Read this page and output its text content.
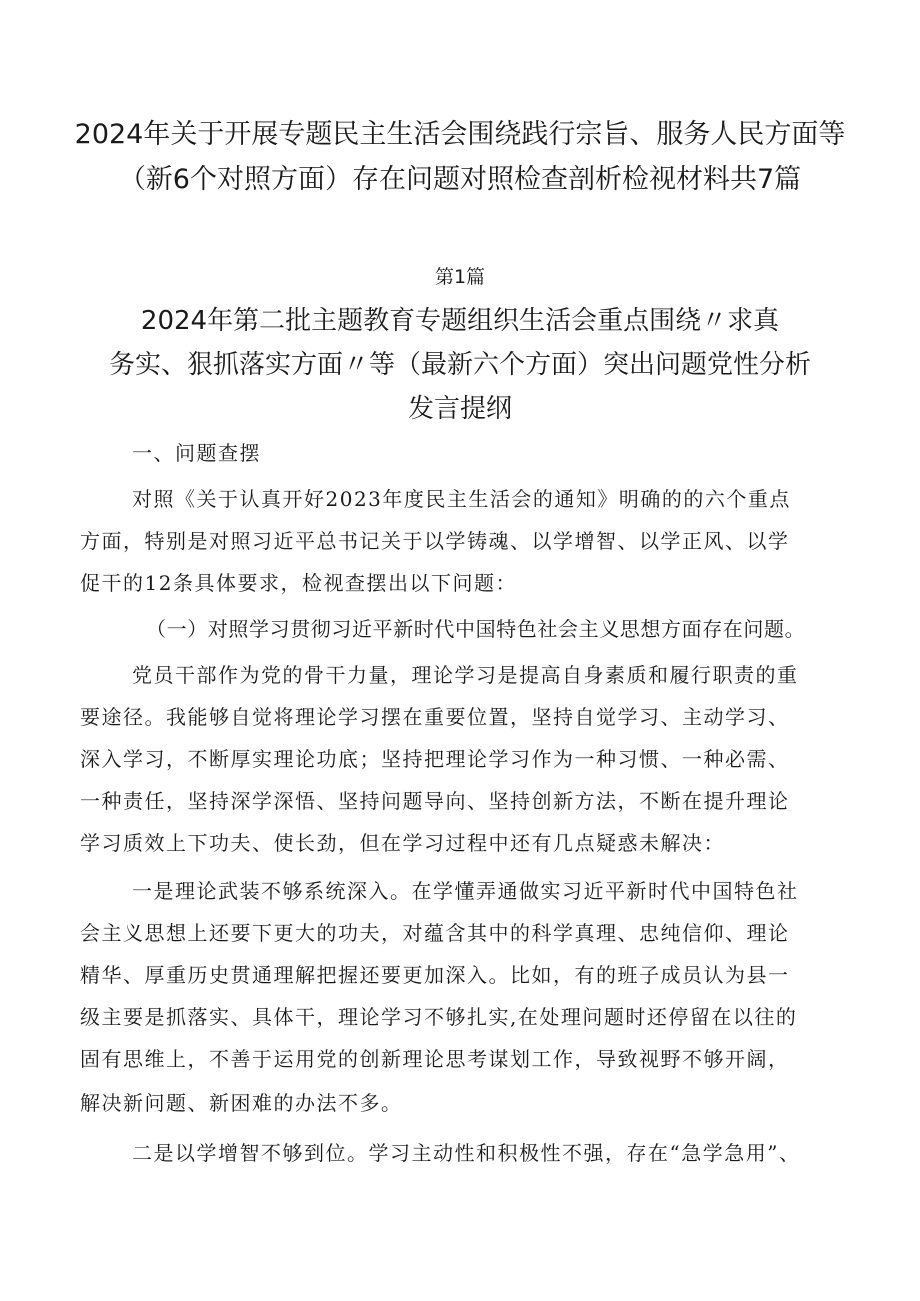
2024年关于开展专题民主生活会围绕践行宗旨、服务人民方面等
（新6个对照方面）存在问题对照检查剖析检视材料共7篇
第1篇
2024年第二批主题教育专题组织生活会重点围绕〃求真
务实、狠抓落实方面〃等（最新六个方面）突出问题党性分析
发言提纲
一、问题查摆
对照《关于认真开好2023年度民主生活会的通知》明确的的六个重点
方面，特别是对照习近平总书记关于以学铸魂、以学增智、以学正风、以学
促干的12条具体要求，检视查摆出以下问题：
（一）对照学习贯彻习近平新时代中国特色社会主义思想方面存在问题。
党员干部作为党的骨干力量，理论学习是提高自身素质和履行职责的重
要途径。我能够自觉将理论学习摆在重要位置，坚持自觉学习、主动学习、
深入学习，不断厚实理论功底；坚持把理论学习作为一种习惯、一种必需、
一种责任，坚持深学深悟、坚持问题导向、坚持创新方法，不断在提升理论
学习质效上下功夫、使长劲，但在学习过程中还有几点疑惑未解决：
一是理论武装不够系统深入。在学懂弄通做实习近平新时代中国特色社
会主义思想上还要下更大的功夫，对蕴含其中的科学真理、忠纯信仰、理论
精华、厚重历史贯通理解把握还要更加深入。比如，有的班子成员认为县一
级主要是抓落实、具体干，理论学习不够扎实,在处理问题时还停留在以往的
固有思维上，不善于运用党的创新理论思考谋划工作，导致视野不够开阔，
解决新问题、新困难的办法不多。
二是以学增智不够到位。学习主动性和积极性不强，存在“急学急用”、
